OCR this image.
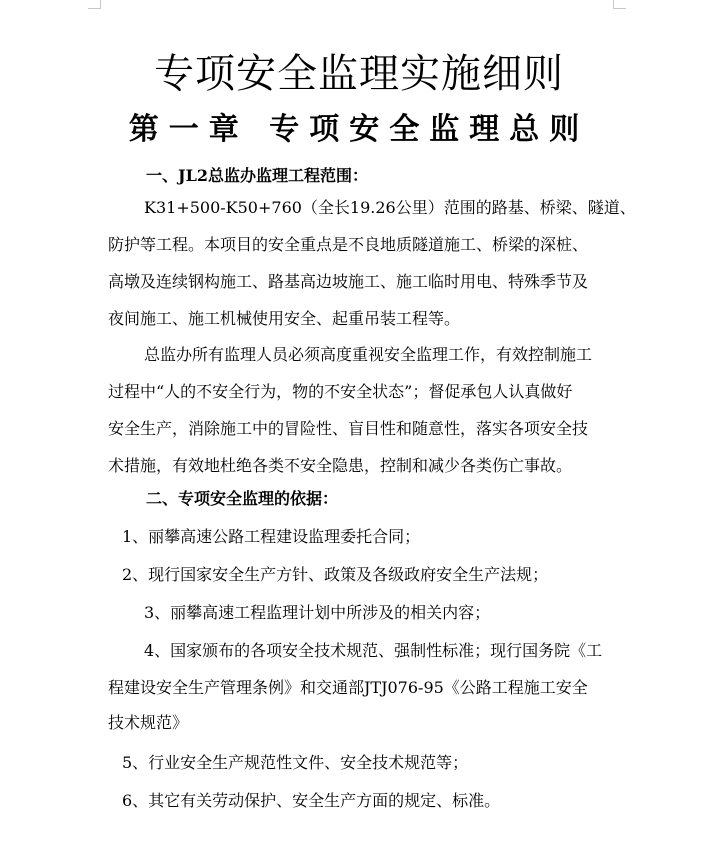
专项安全监理实施细则
第一章 专项安全监理总则
一、JL2总监办监理工程范围：
K31+500-K50+760（全长19.26公里）范围的路基、桥梁、隧道、
防护等工程。本项目的安全重点是不良地质隧道施工、桥梁的深桩、
高墩及连续钢构施工、路基高边坡施工、施工临时用电、特殊季节及
夜间施工、施工机械使用安全、起重吊装工程等。
总监办所有监理人员必须高度重视安全监理工作，有效控制施工
过程中“人的不安全行为，物的不安全状态”；督促承包人认真做好
安全生产，消除施工中的冒险性、盲目性和随意性，落实各项安全技
术措施，有效地杜绝各类不安全隐患，控制和减少各类伤亡事故。
二、专项安全监理的依据：
1、丽攀高速公路工程建设监理委托合同；
2、现行国家安全生产方针、政策及各级政府安全生产法规；
3、丽攀高速工程监理计划中所涉及的相关内容；
4、国家颁布的各项安全技术规范、强制性标准；现行国务院《工
程建设安全生产管理条例》和交通部JTJ076-95《公路工程施工安全
技术规范》
5、行业安全生产规范性文件、安全技术规范等；
6、其它有关劳动保护、安全生产方面的规定、标准。
